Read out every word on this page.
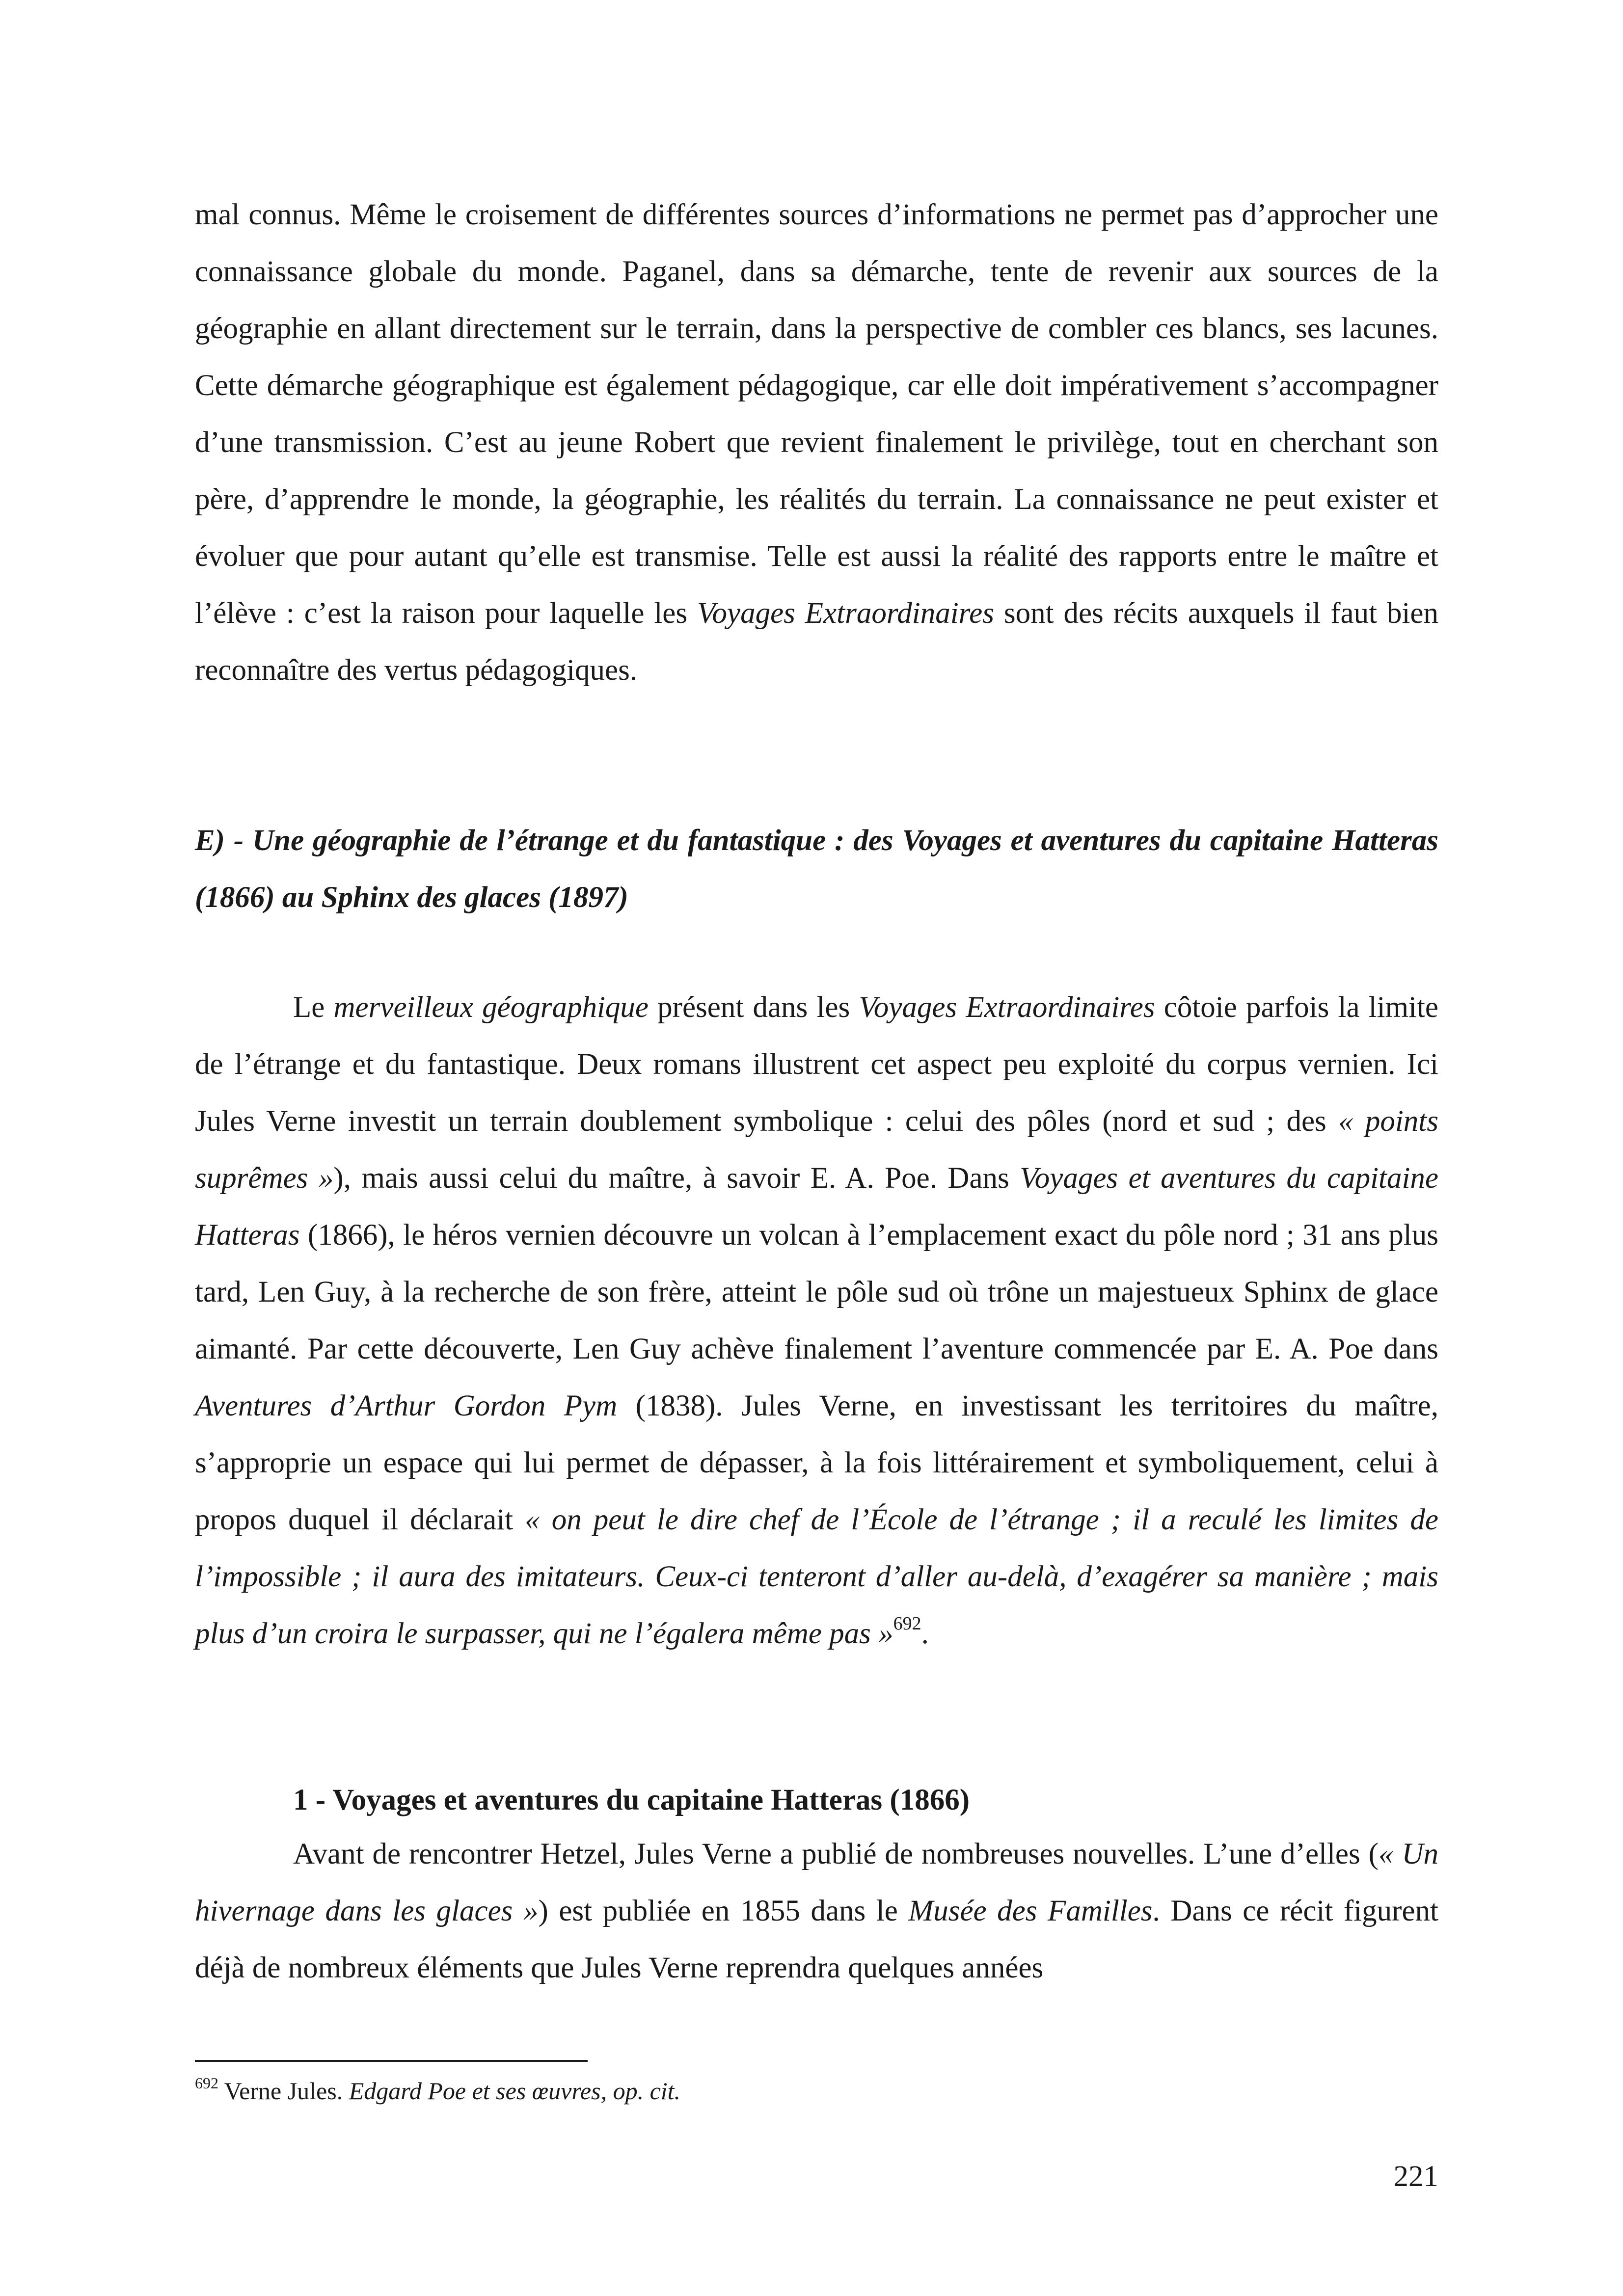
mal connus. Même le croisement de différentes sources d’informations ne permet pas d’approcher une connaissance globale du monde. Paganel, dans sa démarche, tente de revenir aux sources de la géographie en allant directement sur le terrain, dans la perspective de combler ces blancs, ses lacunes. Cette démarche géographique est également pédagogique, car elle doit impérativement s’accompagner d’une transmission. C’est au jeune Robert que revient finalement le privilège, tout en cherchant son père, d’apprendre le monde, la géographie, les réalités du terrain. La connaissance ne peut exister et évoluer que pour autant qu’elle est transmise. Telle est aussi la réalité des rapports entre le maître et l’élève : c’est la raison pour laquelle les Voyages Extraordinaires sont des récits auxquels il faut bien reconnaître des vertus pédagogiques.

E) - Une géographie de l’étrange et du fantastique : des Voyages et aventures du capitaine Hatteras (1866) au Sphinx des glaces (1897)

Le merveilleux géographique présent dans les Voyages Extraordinaires côtoie parfois la limite de l’étrange et du fantastique. Deux romans illustrent cet aspect peu exploité du corpus vernien. Ici Jules Verne investit un terrain doublement symbolique : celui des pôles (nord et sud ; des « points suprêmes »), mais aussi celui du maître, à savoir E. A. Poe. Dans Voyages et aventures du capitaine Hatteras (1866), le héros vernien découvre un volcan à l’emplacement exact du pôle nord ; 31 ans plus tard, Len Guy, à la recherche de son frère, atteint le pôle sud où trône un majestueux Sphinx de glace aimanté. Par cette découverte, Len Guy achève finalement l’aventure commencée par E. A. Poe dans Aventures d’Arthur Gordon Pym (1838). Jules Verne, en investissant les territoires du maître, s’approprie un espace qui lui permet de dépasser, à la fois littérairement et symboliquement, celui à propos duquel il déclarait « on peut le dire chef de l’École de l’étrange ; il a reculé les limites de l’impossible ; il aura des imitateurs. Ceux-ci tenteront d’aller au-delà, d’exagérer sa manière ; mais plus d’un croira le surpasser, qui ne l’égalera même pas »$^{692}$.

1 - Voyages et aventures du capitaine Hatteras (1866)

Avant de rencontrer Hetzel, Jules Verne a publié de nombreuses nouvelles. L’une d’elles (« Un hivernage dans les glaces ») est publiée en 1855 dans le Musée des Familles. Dans ce récit figurent déjà de nombreux éléments que Jules Verne reprendra quelques années

$^{692}$ Verne Jules. Edgard Poe et ses œuvres, op. cit.

221
